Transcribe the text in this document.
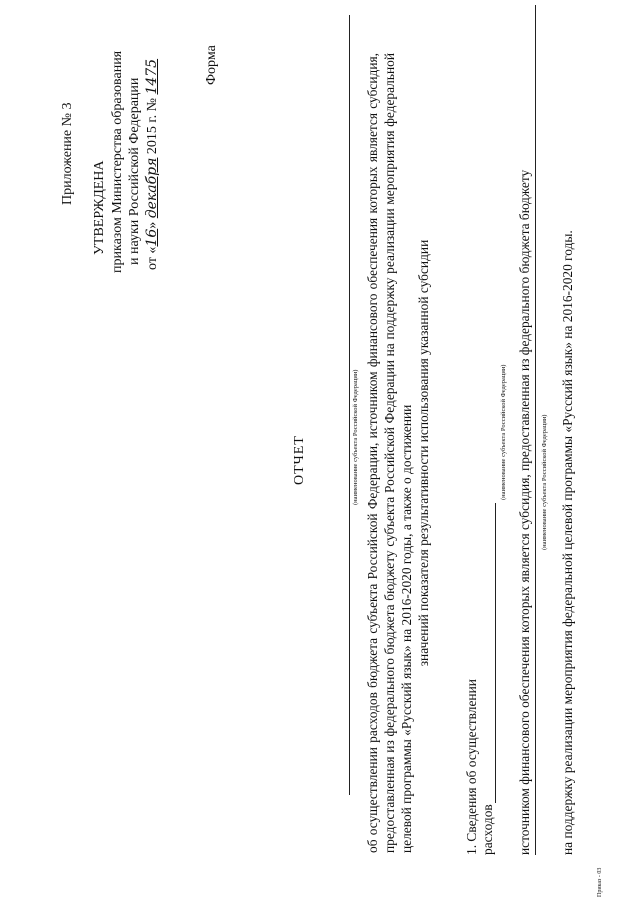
Приложение № 3
УТВЕРЖДЕНА приказом Министерства образования и науки Российской Федерации от «16» декабря 2015 г. № 1475	Форма
ОТЧЕТ	(наименование субъекта Российской Федерации) об осуществлении расходов бюджета субъекта Российской Федерации, источником финансового обеспечения которых является субсидия, предоставленная из федерального бюджета бюджету субъекта Российской Федерации на поддержку реализации мероприятия федеральной целевой программы «Русский язык» на 2016-2020 годы, а также о достижении значений показателя результативности использования указанной субсидии
1. Сведения об осуществлении расходов
(наименование субъекта Российской Федерации) источником финансового обеспечения которых является субсидия, предоставленная из федерального бюджета бюджету (наименование субъекта Российской Федерации) на поддержку реализации мероприятия федеральной целевой программы «Русский язык» на 2016-2020 годы.
Приказ - 03
